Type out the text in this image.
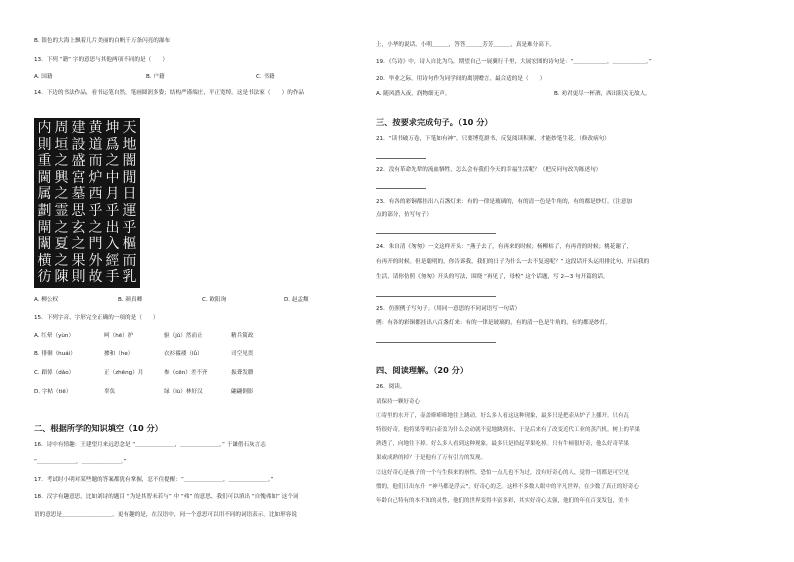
B. 银色的大海上飘着几片美丽的白帆千万条闪亮的瀑布
13．下列 “籍” 字的意思与其他两项不同的是（　　）
A. 国籍	B. 户籍	C. 书籍
14．下边的书法作品，看书运笔自然，笔画圆润多姿；结构严谨端庄，平正宽绰。这是书法家（　　）的作品
天
地
闇
閒
日
運
乎
樞
而
乳
坤
爲
之
中
月
乎
出
入
經
手
黄
道
而
炉
西
乎
之
門
外
故
建
設
盛
宮
墓
思
玄
之
果
則
周
垣
之
興
之
霊
之
夏
之
陳
内
則
重
閫
属
劃
閘
闈
横
彷
A. 柳公权	B. 颜真卿	C. 欧阳询	D. 赵孟頫
15．下列字音、字形完全正确的一项的是（　　）
A. 红晕（yùn）	呵（hē）护	驱（jǔ）然而止	精兵简政
B. 徘徊（huái）	掺和（he）	衣衫褴褛（lǚ）	司空见贯
C. 蹈倬（dǎo）	正（zhēng）月	参（cēn）差不齐	振聋发聩
D. 字帖（tiē）	辜负	绿（lù）林好汉	翩翩倒影
二、根据所学的知识填空（10 分）
16．诗中有情趣：王建望月来远思念是 “＿＿＿＿＿＿＿，＿＿＿＿＿＿＿。” 于谦借石灰言志
“＿＿＿＿＿＿＿，＿＿＿＿＿＿＿。”
17．考试时小明对某些题的答案都犹有掌握，忍不住提醒：“＿＿＿＿＿＿＿，＿＿＿＿＿＿＿。”
18．汉字有趣意思，比如刘诗的题目 “为是其智未若与” 中 “弗” 的意思，我们可以填出 “自愧弗如” 这个词
语的意思是＿＿＿＿＿＿＿＿＿。更有趣的是，在汉语中，同一个意思可以用不同的词语表示。比如形容说
上，小华的说话，小明＿＿＿，答答＿＿＿芳芳＿＿＿，真是难分高下。
19．《鸟诗》中，诗人自比为鸟，期望自己一展翼行千里，大展宏图的诗句是：“＿＿＿＿＿＿，＿＿＿＿＿＿。”
20．毕业之际，用诗句作为同学间的离别赠言，最合适的是（　　）
A. 随风潜入夜，润物细无声。	B. 劝君更尽一杯酒，西出阳关无故人。
三、按要求完成句子。（10 分）
21．“读书破万卷，下笔如有神”。只要博览群书，反复阅读积累，才能妙笔生花。（修改病句）
22．没有革命先辈的流血牺牲，怎么会有我们今天的幸福生活呢？（把反问句改为陈述句）
23．有各的彩铜都挂出八百盏灯来：有的一律是玻璃的，有的清一色是牛角的，有的都是纱灯。（注意加
点的部分，仿写句子）
24．朱自清《匆匆》一文这样开头：“燕子去了，有再来的时候；杨柳枯了，有再青的时候；桃花谢了，
有再开的时候。但是聪明的，你告诉我，我们的日子为什么一去不复返呢？” 这段话开头运用排比句，开启我的
生活，请你仿照《匆匆》开头的写法，围绕 “再见了，母校” 这个话题，写 2—3 句开篇的话。
25．仿照例子写句子。（用同一意思的不同词语写一句话）
例：有各的彩铜都挂出八百盏灯来：有的一律是玻璃的，有的清一色是牛角的，有的都是纱灯。
四、阅读理解。（20 分）
26．阅读。
请保持一颗好奇心
①寄里的水开了，壶盖嘭嘭嘭地往上跳动。好么多人看这这种现象，最多只是把壶从炉子上挪开。只有瓦
特很好奇，他将果等明白壶盖为什么会动就不觉地跳到水，于是后来有了改变近代工业的蒸汽机。树上的苹果
熟透了，向地往下掉。好么多人看到这种现象，最多只是拾起苹果吃掉。只有牛顿很好奇，他么好奇苹果
果或成熟的掉？于是他有了万有引力的发现。
②这好奇心是孩子的一个与生俱来的禀性，恐怕一点儿也不为过，没有好奇心的人，觉得一切都是可空见
惯的，他们日出东升 “神马都是浮云”，好奇心的乏。这样不多数人眼中的平凡世界，在少数了真正的好奇心
年龄自己特有的本不知的灵性，他们的世界变得丰富多彩，其实好奇心太强，他们的年在百变发包，美丰
